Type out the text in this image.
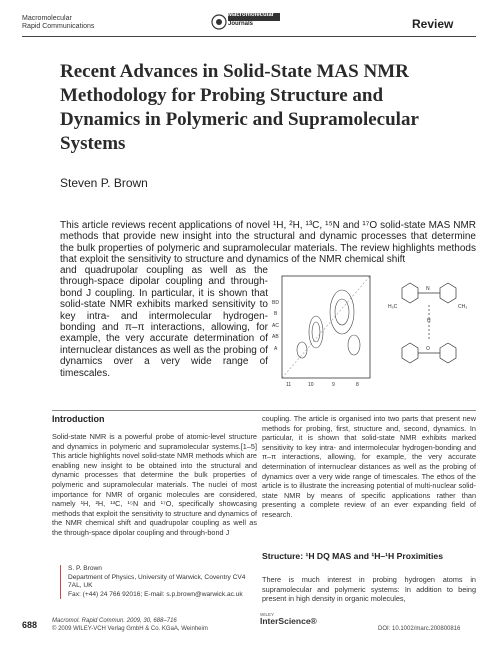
Macromolecular
Rapid Communications
Macromolecular
Journals	Review
Recent Advances in Solid-State MAS NMR Methodology for Probing Structure and Dynamics in Polymeric and Supramolecular Systems
Steven P. Brown

This article reviews recent applications of novel ¹H, ²H, ¹³C, ¹⁵N and ¹⁷O solid-state MAS NMR methods that provide new insight into the structural and dynamic processes that determine the bulk properties of polymeric and supramolecular materials. The review highlights methods that exploit the sensitivity to structure and dynamics of the NMR chemical shift

and quadrupolar coupling as well as the through-space dipolar coupling and through-bond J coupling. In particular, it is shown that solid-state NMR exhibits marked sensitivity to key intra- and intermolecular hydrogen-bonding and π–π interactions, allowing, for example, the very accurate determination of internuclear distances as well as the probing of dynamics over a very wide range of timescales.
BD
B
AC
AB
A
11	10	9	8
H₃C	CH₃
N
H
O
Introduction
Solid-state NMR is a powerful probe of atomic-level structure and dynamics in polymeric and supramolecular systems.[1–5] This article highlights novel solid-state NMR methods which are enabling new insight to be obtained into the structural and dynamic processes that determine the bulk properties of polymeric and supramolecular materials. The nuclei of most importance for NMR of organic molecules are considered, namely ¹H, ²H, ¹³C, ¹⁵N and ¹⁷O, specifically showcasing methods that exploit the sensitivity to structure and dynamics of the NMR chemical shift and quadrupolar coupling as well as the through-space dipolar coupling and through-bond J
coupling. The article is organised into two parts that present new methods for probing, first, structure and, second, dynamics. In particular, it is shown that solid-state NMR exhibits marked sensitivity to key intra- and intermolecular hydrogen-bonding and π–π interactions, allowing, for example, the very accurate determination of internuclear distances as well as the probing of dynamics over a very wide range of timescales. The ethos of the article is to illustrate the increasing potential of multi-nuclear solid-state NMR by means of specific applications rather than presenting a complete review of an ever expanding field of research.
Structure: ¹H DQ MAS and ¹H–¹H Proximities
There is much interest in probing hydrogen atoms in supramolecular and polymeric systems: In addition to being present in high density in organic molecules,
S. P. Brown
Department of Physics, University of Warwick, Coventry CV4 7AL, UK
Fax: (+44) 24 766 92016; E-mail: s.p.brown@warwick.ac.uk
688 Macromol. Rapid Commun. 2009, 30, 688–716
© 2009 WILEY-VCH Verlag GmbH & Co. KGaA, Weinheim
WILEY
InterScience®
DOI: 10.1002/marc.200800816
